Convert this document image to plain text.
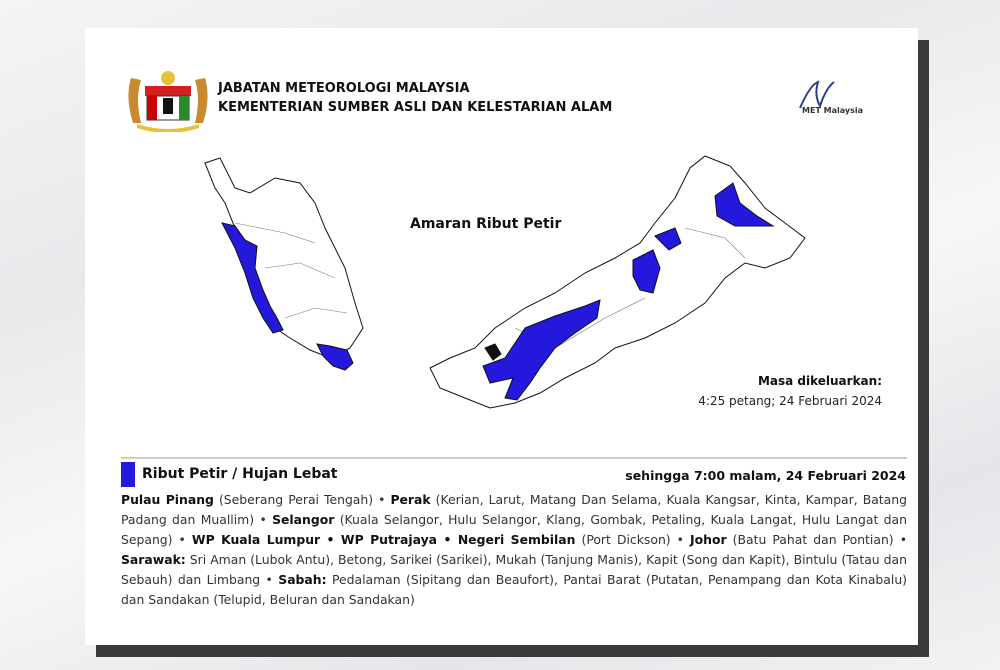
JABATAN METEOROLOGI MALAYSIA
KEMENTERIAN SUMBER ASLI DAN KELESTARIAN ALAM	MET Malaysia
Amaran Ribut Petir
Masa dikeluarkan:
4:25 petang; 24 Februari 2024
Ribut Petir / Hujan Lebat	sehingga 7:00 malam, 24 Februari 2024
Pulau Pinang (Seberang Perai Tengah) • Perak (Kerian, Larut, Matang Dan Selama, Kuala Kangsar, Kinta, Kampar, Batang Padang dan Muallim) • Selangor (Kuala Selangor, Hulu Selangor, Klang, Gombak, Petaling, Kuala Langat, Hulu Langat dan Sepang) • WP Kuala Lumpur • WP Putrajaya • Negeri Sembilan (Port Dickson) • Johor (Batu Pahat dan Pontian) • Sarawak: Sri Aman (Lubok Antu), Betong, Sarikei (Sarikei), Mukah (Tanjung Manis), Kapit (Song dan Kapit), Bintulu (Tatau dan Sebauh) dan Limbang • Sabah: Pedalaman (Sipitang dan Beaufort), Pantai Barat (Putatan, Penampang dan Kota Kinabalu) dan Sandakan (Telupid, Beluran dan Sandakan)
